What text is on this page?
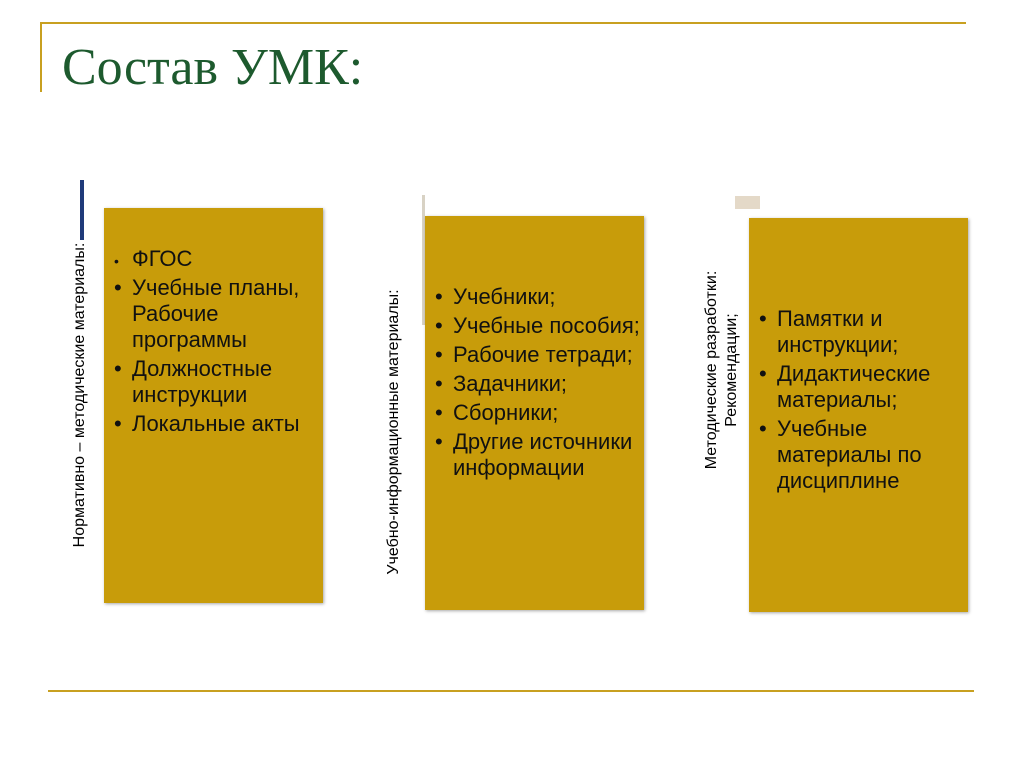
Состав УМК:
Нормативно – методические материалы: • ФГОС
• Учебные планы, Рабочие программы
• Должностные инструкции
• Локальные акты	Учебно-информационные материалы: • Учебники;
• Учебные пособия;
• Рабочие тетради;
• Задачники;
• Сборники;
• Другие источники информации	Методические разработки: Рекомендации; • Памятки и инструкции;
• Дидактические материалы;
• Учебные материалы по дисциплине
